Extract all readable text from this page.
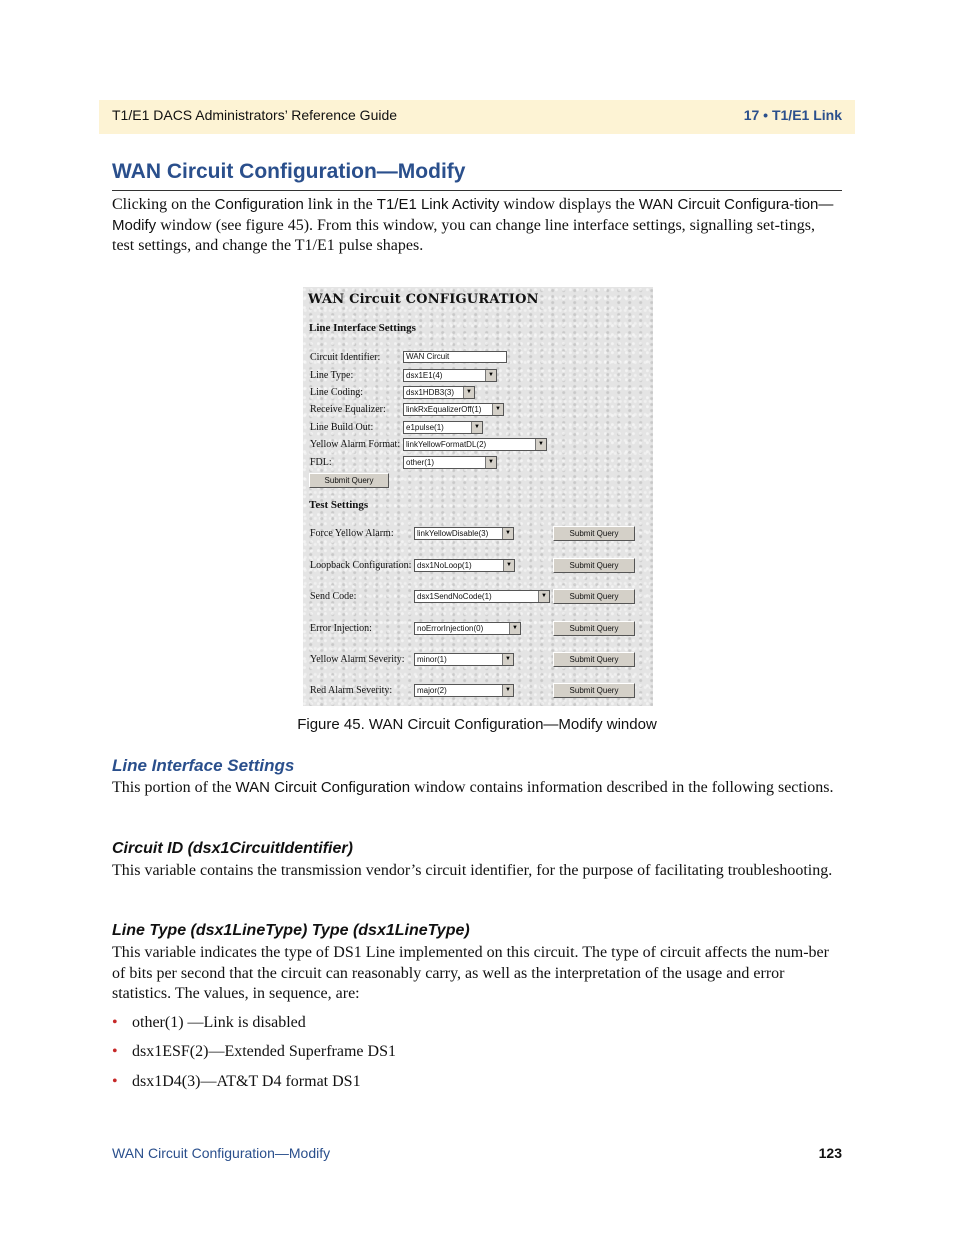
T1/E1 DACS Administrators’ Reference Guide	17 • T1/E1 Link
WAN Circuit Configuration—Modify

Clicking on the Configuration link in the T1/E1 Link Activity window displays the WAN Circuit Configura-tion—Modify window (see figure 45). From this window, you can change line interface settings, signalling set-tings, test settings, and change the T1/E1 pulse shapes.

WAN Circuit CONFIGURATION
Line Interface Settings
Circuit Identifier:	WAN Circuit
Line Type:	dsx1E1(4)	▼
Line Coding:	dsx1HDB3(3)	▼
Receive Equalizer:	linkRxEqualizerOff(1)	▼
Line Build Out:	e1pulse(1)	▼
Yellow Alarm Format: linkYellowFormatDL(2)	▼
FDL:	other(1)	▼
Submit Query
Test Settings
Force Yellow Alarm:	linkYellowDisable(3)	▼	Submit Query
Loopback Configuration: dsx1NoLoop(1)	▼	Submit Query
Send Code:	dsx1SendNoCode(1)	▼	Submit Query
Error Injection:	noErrorInjection(0)	▼	Submit Query
Yellow Alarm Severity:	minor(1)	▼	Submit Query
Red Alarm Severity:	major(2)	▼	Submit Query
Figure 45. WAN Circuit Configuration—Modify window
Line Interface Settings

This portion of the WAN Circuit Configuration window contains information described in the following sections.

Circuit ID (dsx1CircuitIdentifier)

This variable contains the transmission vendor’s circuit identifier, for the purpose of facilitating troubleshooting.

Line Type (dsx1LineType) Type (dsx1LineType)

This variable indicates the type of DS1 Line implemented on this circuit. The type of circuit affects the num-ber of bits per second that the circuit can reasonably carry, as well as the interpretation of the usage and error statistics. The values, in sequence, are:

• other(1) —Link is disabled
• dsx1ESF(2)—Extended Superframe DS1
• dsx1D4(3)—AT&T D4 format DS1
WAN Circuit Configuration—Modify	123
